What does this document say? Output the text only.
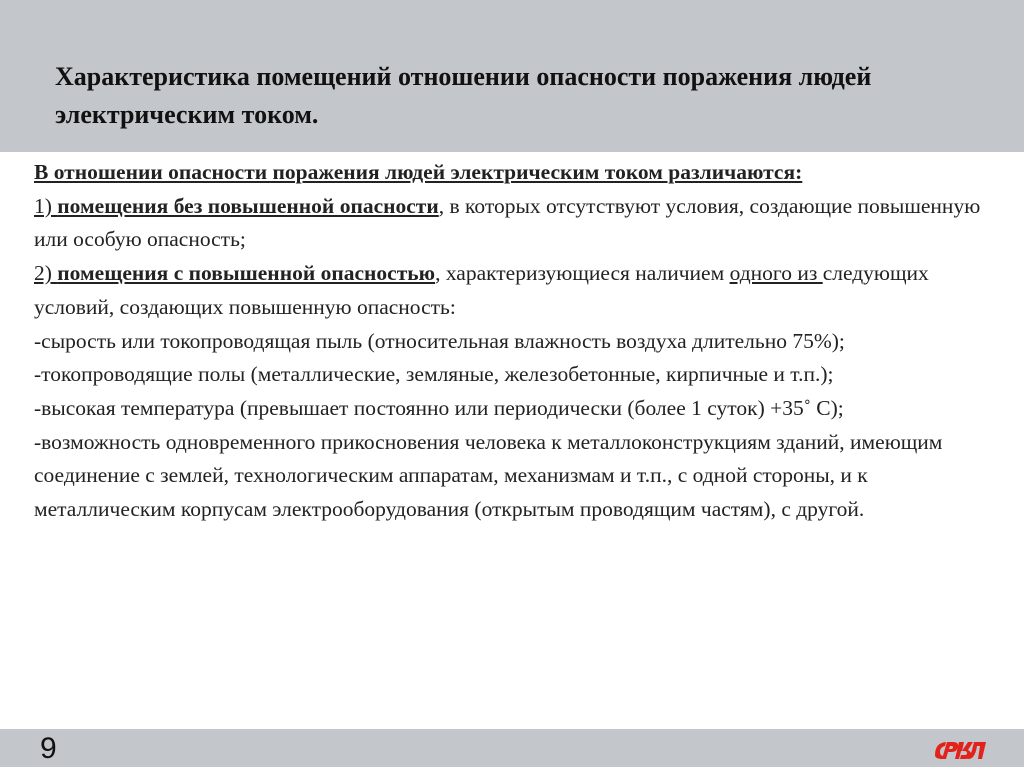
Характеристика помещений отношении опасности поражения людей электрическим током.

В отношении опасности поражения людей электрическим током различаются:

1) помещения без повышенной опасности, в которых отсутствуют условия, создающие повышенную или особую опасность;

2) помещения с повышенной опасностью, характеризующиеся наличием одного из следующих условий, создающих повышенную опасность:

-сырость или токопроводящая пыль (относительная влажность воздуха длительно 75%);

-токопроводящие полы (металлические, земляные, железобетонные, кирпичные и т.п.);

-высокая температура (превышает постоянно или периодически (более 1 суток) +35˚ С);

-возможность одновременного прикосновения человека к металлоконструкциям зданий, имеющим соединение с землей, технологическим аппаратам, механизмам и т.п., с одной стороны, и к металлическим корпусам электрооборудования (открытым проводящим частям), с другой.

9
